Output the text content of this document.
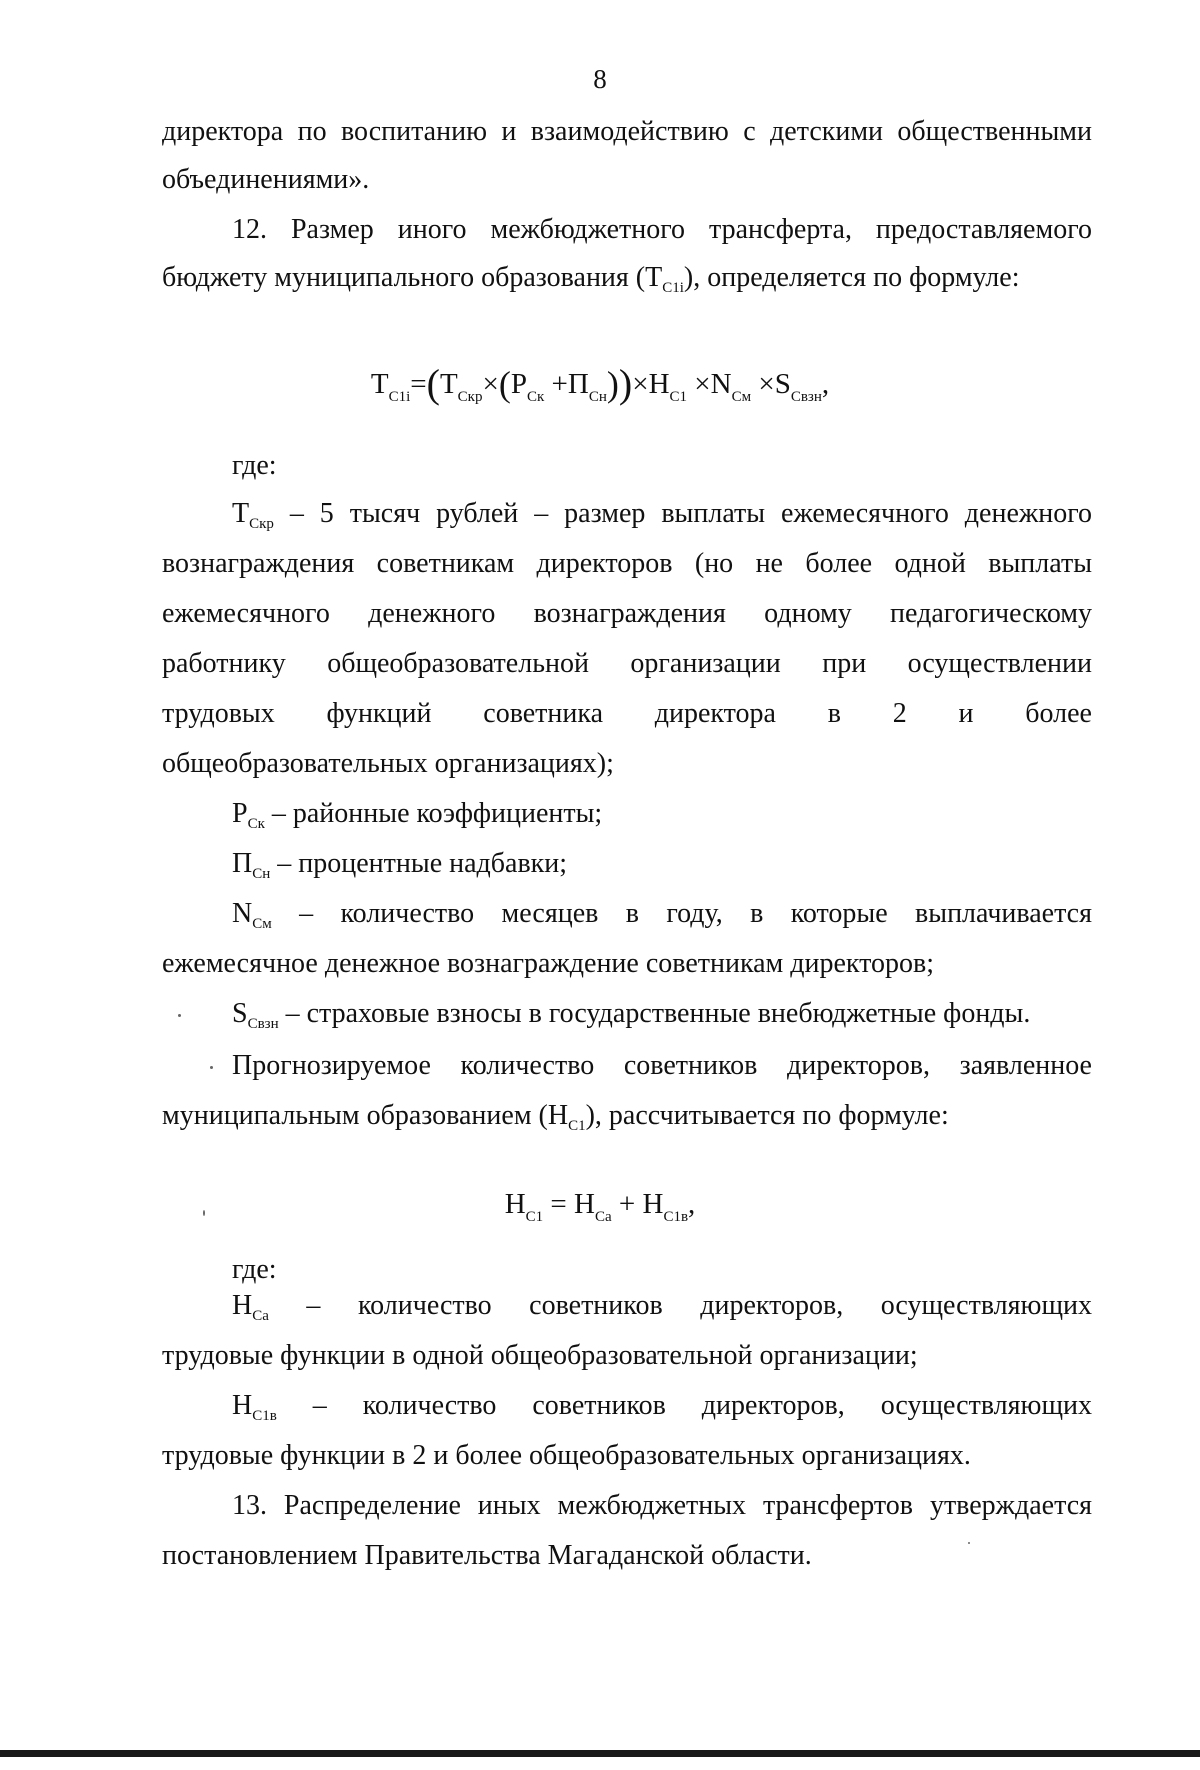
8
директора по воспитанию и взаимодействию с детскими общественными
объединениями».
12. Размер иного межбюджетного трансферта, предоставляемого
бюджету муниципального образования $(Т_{C1i})$, определяется по формуле:
$Т_{C1i}=(Т_{Скр}\times(Р_{Ск} +П_{Сн}))\times Н_{С1} \times N_{См} \times S_{Свзн}$,
где:
$Т_{Скр} - 5$ тысяч рублей – размер выплаты ежемесячного денежного
вознаграждения советникам директоров (но не более одной выплаты
ежемесячного денежного вознаграждения одному педагогическому
работнику общеобразовательной организации при осуществлении
трудовых функций советника директора в 2 и более
общеобразовательных организациях);
$Р_{Ск}$ – районные коэффициенты;
$П_{Сн}$ – процентные надбавки;
$N_{См}$ – количество месяцев в году, в которые выплачивается
ежемесячное денежное вознаграждение советникам директоров;
$S_{Свзн}$ – страховые взносы в государственные внебюджетные фонды.
Прогнозируемое количество советников директоров, заявленное
муниципальным образованием $(Н_{С1})$, рассчитывается по формуле:
$Н_{С1} = Н_{Са} + Н_{С1в}$,
где:
$Н_{Са}$ – количество советников директоров, осуществляющих
трудовые функции в одной общеобразовательной организации;
$Н_{С1в}$ – количество советников директоров, осуществляющих
трудовые функции в 2 и более общеобразовательных организациях.
13. Распределение иных межбюджетных трансфертов утверждается
постановлением Правительства Магаданской области.
